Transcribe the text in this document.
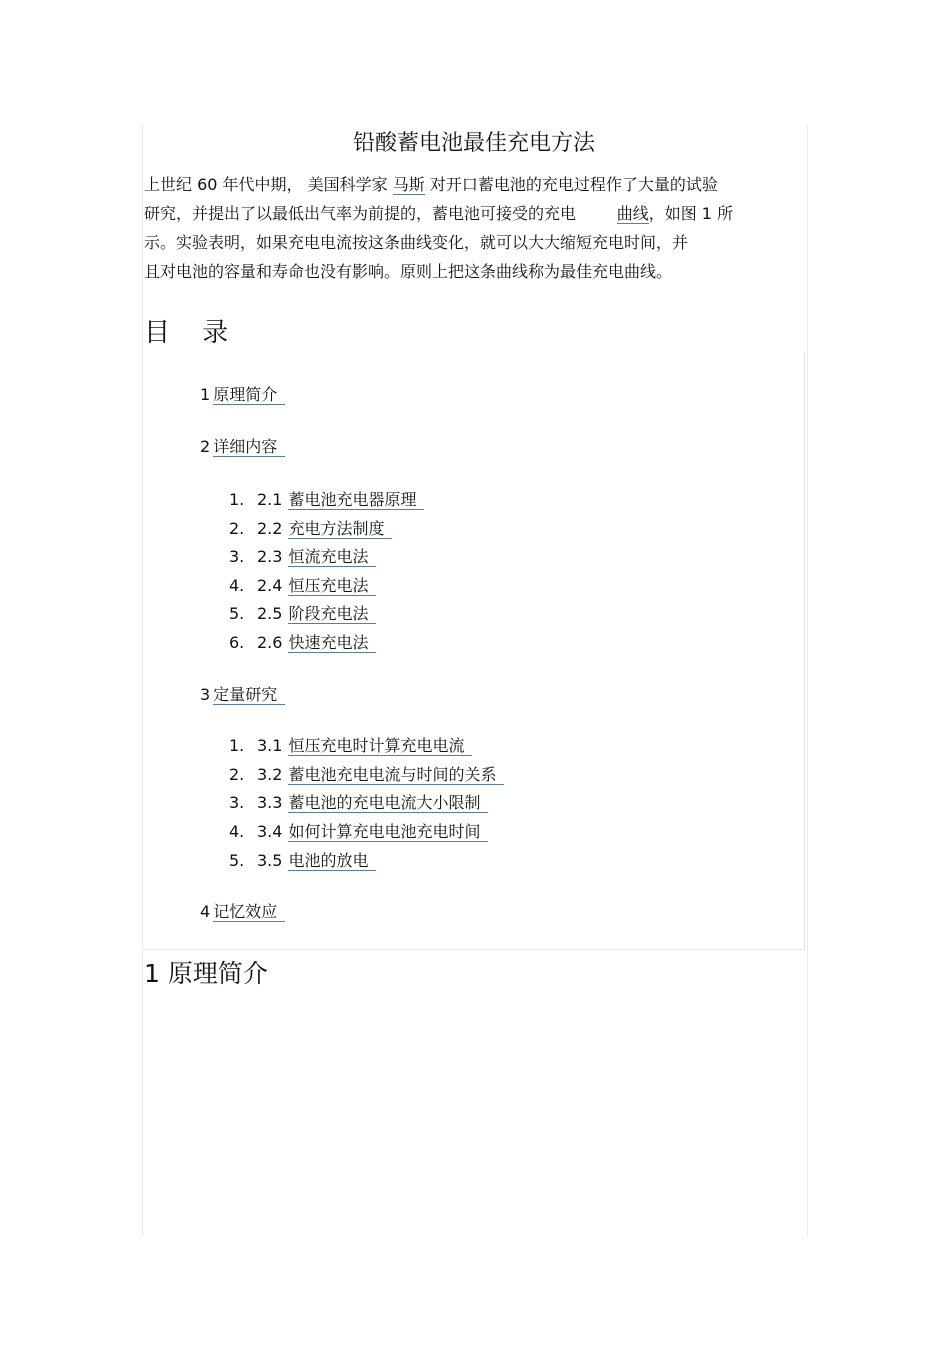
铅酸蓄电池最佳充电方法
上世纪 60 年代中期， 美国科学家 马斯 对开口蓄电池的充电过程作了大量的试验
研究，并提出了以最低出气率为前提的，蓄电池可接受的充电        曲线，如图 1 所
示。实验表明，如果充电电流按这条曲线变化，就可以大大缩短充电时间，并
且对电池的容量和寿命也没有影响。原则上把这条曲线称为最佳充电曲线。
目 录
1 原理简介
2 详细内容
1. 2.1 蓄电池充电器原理
2. 2.2 充电方法制度
3. 2.3 恒流充电法
4. 2.4 恒压充电法
5. 2.5 阶段充电法
6. 2.6 快速充电法
3 定量研究
1. 3.1 恒压充电时计算充电电流
2. 3.2 蓄电池充电电流与时间的关系
3. 3.3 蓄电池的充电电流大小限制
4. 3.4 如何计算充电电池充电时间
5. 3.5 电池的放电
4 记忆效应
1 原理简介
